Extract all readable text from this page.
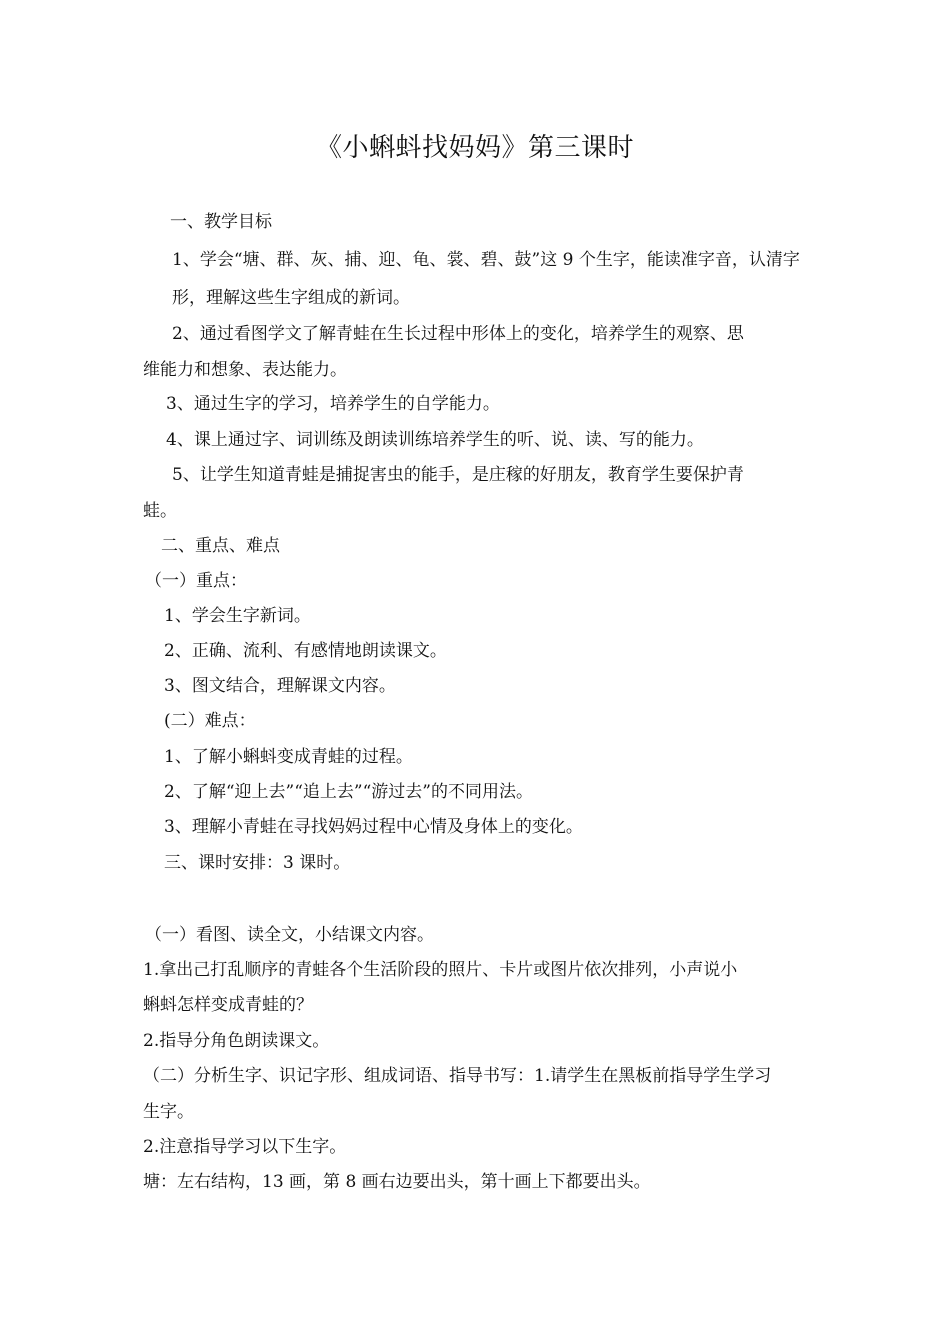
《小蝌蚪找妈妈》第三课时
一、教学目标
1、学会“塘、群、灰、捕、迎、龟、裳、碧、鼓”这 9 个生字，能读准字音，认清字
形，理解这些生字组成的新词。
2、通过看图学文了解青蛙在生长过程中形体上的变化，培养学生的观察、思
维能力和想象、表达能力。
3、通过生字的学习，培养学生的自学能力。
4、课上通过字、词训练及朗读训练培养学生的听、说、读、写的能力。
5、让学生知道青蛙是捕捉害虫的能手，是庄稼的好朋友，教育学生要保护青
蛙。
二、重点、难点
（一）重点：
1、学会生字新词。
2、正确、流利、有感情地朗读课文。
3、图文结合，理解课文内容。
(二）难点：
1、了解小蝌蚪变成青蛙的过程。
2、了解“迎上去”“追上去”“游过去”的不同用法。
3、理解小青蛙在寻找妈妈过程中心情及身体上的变化。
三、课时安排：3 课时。
（一）看图、读全文，小结课文内容。
1.拿出己打乱顺序的青蛙各个生活阶段的照片、卡片或图片依次排列，小声说小
蝌蚪怎样变成青蛙的？
2.指导分角色朗读课文。
（二）分析生字、识记字形、组成词语、指导书写：1.请学生在黑板前指导学生学习
生字。
2.注意指导学习以下生字。
塘：左右结构，13 画，第 8 画右边要出头，第十画上下都要出头。
